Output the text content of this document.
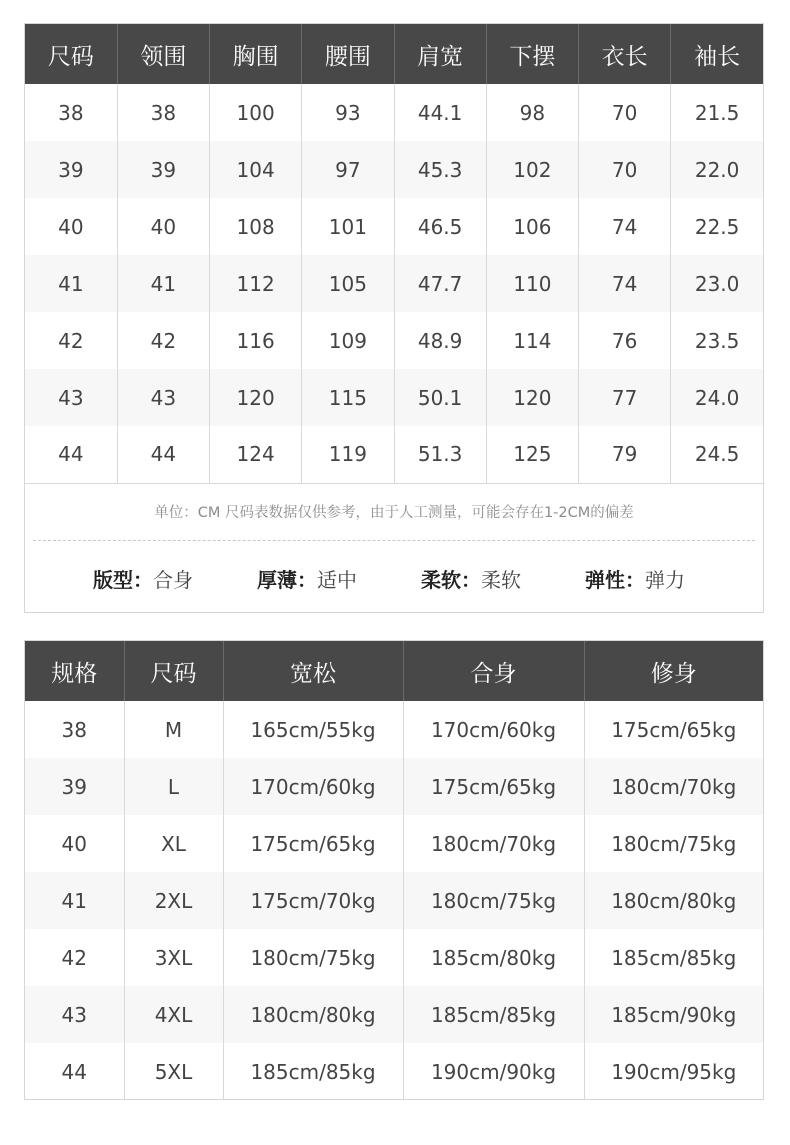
尺码	领围	胸围	腰围	肩宽	下摆	衣长	袖长
38	38	100	93	44.1	98	70	21.5
39	39	104	97	45.3	102	70	22.0
40	40	108	101	46.5	106	74	22.5
41	41	112	105	47.7	110	74	23.0
42	42	116	109	48.9	114	76	23.5
43	43	120	115	50.1	120	77	24.0
44	44	124	119	51.3	125	79	24.5
单位：CM 尺码表数据仅供参考，由于人工测量，可能会存在1-2CM的偏差
版型：合身	厚薄：适中	柔软：柔软	弹性：弹力
规格	尺码	宽松	合身	修身
38	M	165cm/55kg	170cm/60kg	175cm/65kg
39	L	170cm/60kg	175cm/65kg	180cm/70kg
40	XL	175cm/65kg	180cm/70kg	180cm/75kg
41	2XL	175cm/70kg	180cm/75kg	180cm/80kg
42	3XL	180cm/75kg	185cm/80kg	185cm/85kg
43	4XL	180cm/80kg	185cm/85kg	185cm/90kg
44	5XL	185cm/85kg	190cm/90kg	190cm/95kg
